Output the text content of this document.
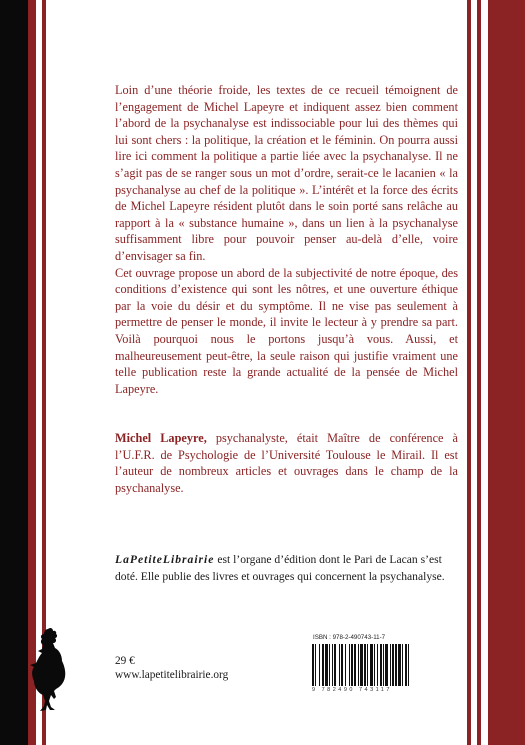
Loin d’une théorie froide, les textes de ce recueil témoignent de l’engagement de Michel Lapeyre et indiquent assez bien comment l’abord de la psychanalyse est indissociable pour lui des thèmes qui lui sont chers : la politique, la création et le féminin. On pourra aussi lire ici comment la politique a partie liée avec la psychanalyse. Il ne s’agit pas de se ranger sous un mot d’ordre, serait-ce le lacanien « la psychanalyse au chef de la politique ». L’intérêt et la force des écrits de Michel Lapeyre résident plutôt dans le soin porté sans relâche au rapport à la « substance humaine », dans un lien à la psychanalyse suffisamment libre pour pouvoir penser au-delà d’elle, voire d’envisager sa fin.

Cet ouvrage propose un abord de la subjectivité de notre époque, des conditions d’existence qui sont les nôtres, et une ouverture éthique par la voie du désir et du symptôme. Il ne vise pas seulement à permettre de penser le monde, il invite le lecteur à y prendre sa part. Voilà pourquoi nous le portons jusqu’à vous. Aussi, et malheureusement peut-être, la seule raison qui justifie vraiment une telle publication reste la grande actualité de la pensée de Michel Lapeyre.

Michel Lapeyre, psychanalyste, était Maître de conférence à l’U.F.R. de Psychologie de l’Université Toulouse le Mirail. Il est l’auteur de nombreux articles et ouvrages dans le champ de la psychanalyse.

LaPetiteLibrairie est l’organe d’édition dont le Pari de Lacan s’est doté. Elle publie des livres et ouvrages qui concernent la psychanalyse.

29 €
www.lapetitelibrairie.org
ISBN : 978-2-490743-11-7
9 782490 743117
